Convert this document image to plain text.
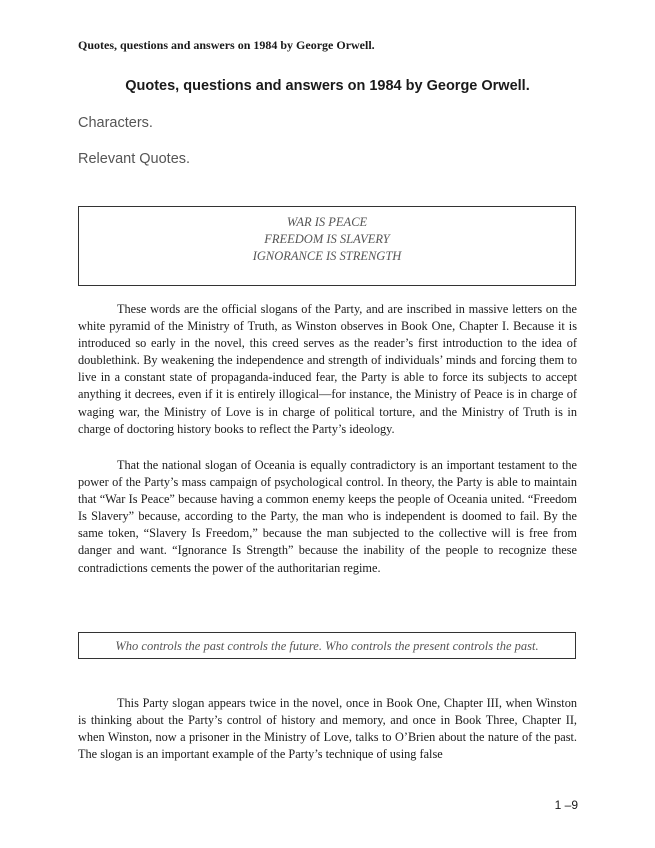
Quotes, questions and answers on 1984 by George Orwell.
Quotes, questions and answers on 1984 by George Orwell.
Characters.
Relevant Quotes.
WAR IS PEACE
FREEDOM IS SLAVERY
IGNORANCE IS STRENGTH

These words are the official slogans of the Party, and are inscribed in massive letters on the white pyramid of the Ministry of Truth, as Winston observes in Book One, Chapter I. Because it is introduced so early in the novel, this creed serves as the reader’s first introduction to the idea of doublethink. By weakening the independence and strength of individuals’ minds and forcing them to live in a constant state of propaganda-induced fear, the Party is able to force its subjects to accept anything it decrees, even if it is entirely illogical—for instance, the Ministry of Peace is in charge of waging war, the Ministry of Love is in charge of political torture, and the Ministry of Truth is in charge of doctoring history books to reflect the Party’s ideology.

That the national slogan of Oceania is equally contradictory is an important testament to the power of the Party’s mass campaign of psychological control. In theory, the Party is able to maintain that “War Is Peace” because having a common enemy keeps the people of Oceania united. “Freedom Is Slavery” because, according to the Party, the man who is independent is doomed to fail. By the same token, “Slavery Is Freedom,” because the man subjected to the collective will is free from danger and want. “Ignorance Is Strength” because the inability of the people to recognize these contradictions cements the power of the authoritarian regime.

Who controls the past controls the future. Who controls the present controls the past.

This Party slogan appears twice in the novel, once in Book One, Chapter III, when Winston is thinking about the Party’s control of history and memory, and once in Book Three, Chapter II, when Winston, now a prisoner in the Ministry of Love, talks to O’Brien about the nature of the past. The slogan is an important example of the Party’s technique of using false

1 –9
